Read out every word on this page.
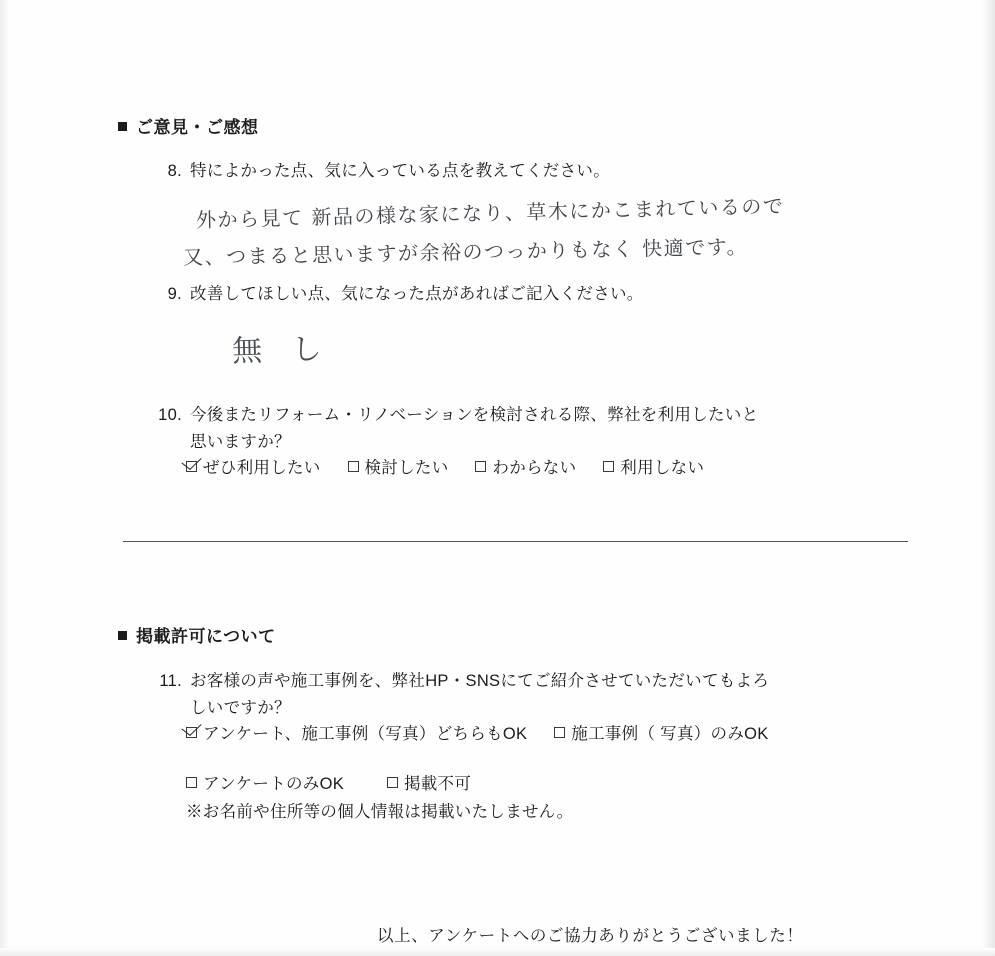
ご意見・ご感想
8. 特によかった点、気に入っている点を教えてください。
外から見て 新品の様な家になり、草木にかこまれているので
又、つまると思いますが余裕のつっかりもなく 快適です。
9. 改善してほしい点、気になった点があればご記入ください。
無 し
10. 今後またリフォーム・リノベーションを検討される際、弊社を利用したいと
思いますか？
ぜひ利用したい	検討したい	わからない	利用しない
掲載許可について
11. お客様の声や施工事例を、弊社HP・SNSにてご紹介させていただいてもよろ
しいですか？
アンケート、施工事例（写真）どちらもOK	施工事例（ 写真）のみOK
アンケートのみOK	掲載不可
※お名前や住所等の個人情報は掲載いたしません。
以上、アンケートへのご協力ありがとうございました！
